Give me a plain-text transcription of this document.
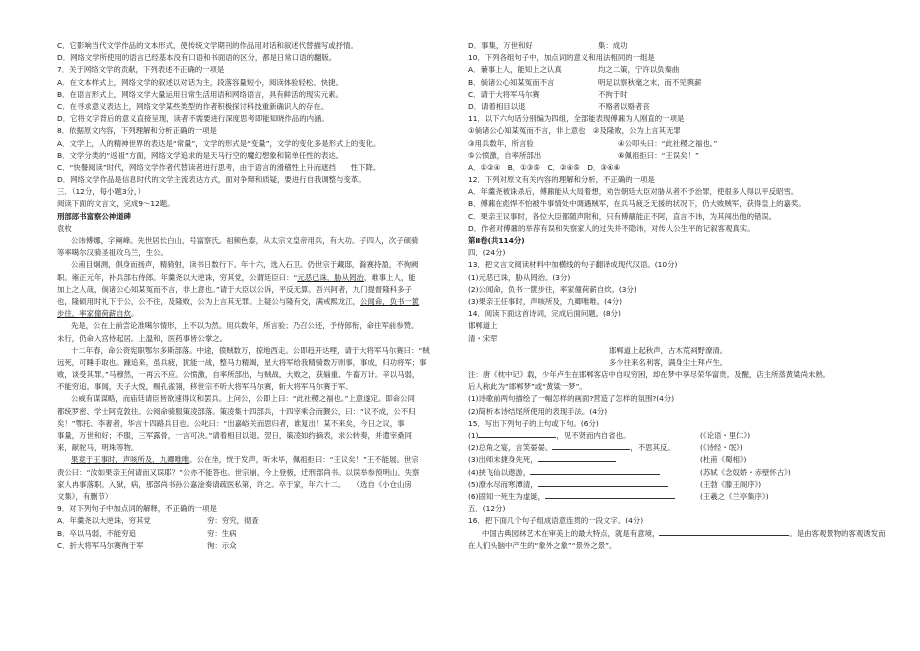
C．它影响当代文学作品的文本形式，使传统文学期刊的作品用对话和叙述代替描写或抒情。
D．网络文学所使用的语言已经基本没有口语和书面语的区分，都是日常口语的翻版。
7．关于网络文学的贡献，下列表述不正确的一项是
A．在文本样式上，网络文学的叙述以对话为主，段落容量短小，阅读体验轻松、快捷。
B．在语言形式上，网络文学大量运用日常生活用语和网络语言，具有鲜活的现实元素。
C．在寻求意义表达上，网络文学某些类型的作者积极探讨科技重新确识人的存在。
D．它将文字背后的意义直接呈现，读者不需要进行深度思考即能知晓作品的内涵。
8．依据原文内容，下列理解和分析正确的一项是
A．文学上，人的精神世界的表达是“常量”，文学的形式是“变量”，文学的变化多是形式上的变化。
B．文学分类的“返祖”方面，网络文学追求的是天马行空的魔幻想象和简单任性的表达。
C．“快餐阅读”时代，网络文学作者代替读者进行思考，由于语言的滑稽性上升而遮挡　　性下降。
D．网络文学作品是信息时代的文学主流表达方式，面对争辩和质疑，要进行自我调整与变革。
三．（12分，每小题3分，）
阅读下面的文言文，完成9～12题。
刑部郎书富察公神道碑
袁枚
公讳傅娜，字阐峰。先世居长白山，号富察氏。祖频色泰，从太宗文皇帝用兵，有大功。子四人，次子硕骑
等率噶尔汉骑圣祖攻乌兰，生公。
公甫目炯测，俱身而扬声，精骑射，读书日数行下。年十六，选入石卫。仍世宗于藏邸，滁赛持盈，不徇阙
职。雍正元年，补兵部右侍郎。年羹尧以大逆诛，穷其党，公谓廷臣曰：“元恶已诛，胁从罔治，难事上人，能
加上之人哉，倘诸公心知某冤而不言，非上意也。”请于大臣以公诉，平反无算。吾兴阿者，九门提督隆科多子
也，隆硕用时礼下于公，公不往，及隆败，公为上言其无罪。上疑公与隆有交，满戒熙龙江，公闻命，负书一篋
步往，率家僮荷薪自炊。
先是，公在上前尝论准噶尔情形，上不以为然。用兵数年，所言验；乃召公还，予侍郎衔，命往军前参赞。
未行，仍命入宫侍起居。上温和，医药事皆公掌之。
十二年春，命公资宪职鄂尔多斯部落。中途，偾贼数万，掠地西走。公即趋开达哩，请于大将军马尔赛曰：“贼
远死，可睡手取也。踵追来，虽兵疲，犹能一战，整马力精竭，星大将军给我精骑数万则事，事成，归功将军；事
败，谈受其罪。”马穆然，一再云不应。公愤激，自率所部出，与贼战，大败之，获辎重、牛畜万计。辛以马弱，
不能穷追。事闻，天子大悦，赐孔雀翎，移世宗不听大将军马尔赛，斩大将军马尔赛于军。
公威有谋谋略，而庙廷请臣皆欲速得议和罢兵。上问公，公即上曰：“此社稷之福也。”上意遂定。即命公同
都统罗密、学士阿克敦往。公阅命骑服策凌部落。策凌集十四部兵，十四宰乘合而觐公，曰：“议不成，公不归
矣！”鄂托、李奢者，华言十四路兵目也。公叱曰：“出嘉峪关而思归者，谁复出！某不来矣，今日之议，事
事量，万世和好；不服，三军露骨，一言可决。”请着相目以退。翌日，策凌如约摘表，求公转奏，并遣宰桑同
来，献驼马，明珠等物。
果竟于王事时，声咳所及，九卿唯唯。公在坐，恍于发声，听未毕，佩祖拒曰：“王议矣！”王不能展。世宗
责公曰：“汝如果亲王何请而又误耶？”公亦不能答也。世宗崩，今上登极，迁刑部尚书。以误举参预明山、失察
家人冉事落职。入狱，病，那部尚书孙公嘉淦奏请疏医私第，许之。卒于家，年六十二。　　（选自《小仓山房
文集》，有删节）
9．对下列句子中加点词的解释，不正确的一项是
A．年羹尧以大逆诛，穷其党	穷：穷究，彻查
B．卒以马弱，不能穷追	穷：生病
C．折大将军马尔赛徇于军	徇：示众
D．事集，万世和好	集：成功
10．下列各组句子中，加点词的意义和用法相同的一组是
A．蒹事上人，能知上之认真	均之二策，宁许以负秦曲
B．倘诸公心知某冤而不言	明足以察秋毫之末，而不见舆薪
C．请于大将军马尔赛	不拘于时
D．请着相目以退	不赂者以赂者丧
11．以下六句话分别编为四组，全部能表现傅鼐为人刚直的一项是
①倘诸公心知某冤而不言，非上意也　②及隆败，公为上言其无罪
③用兵数年，所言验	④公叩头曰：“此社稷之福也。”
⑤公愤激，自率所部出	⑥佩祖拒曰：“王误矣！”
A．①②④　B．①③⑤　C．②④⑤　D．③④⑥
12．下列对原文有关内容的理解和分析，不正确的一项是
A．年羹尧被诛杀后，傅鼐能从大局着想，劝告朝廷大臣对胁从者不予治罪，使很多人得以平反昭雪。
B．傅鼐在彪悍不怕被牛事情处中调遇贼军，在兵马疲乏无援的状况下，仍大败贼军，获得皇上的嘉奖。
C．果亲王议事时，各位大臣都随声附和，只有傅鼐能正不阿，直言不讳，为其闯出他的错误。
D．作者对傅鼐的举荐有误和失察家人的过失并不隐讳，对传人公生平的记叙客观真实。
第Ⅱ卷(共114分)
四．(24分)
13．把文言文阅读材料中加横线的句子翻译成现代汉语。(10分)
(1)元恶已诛，胁从罔治。(3分)
(2)公闻命，负书一篋步往，率家僮荷薪自炊。(3分)
(3)果亲王任事时，声咳所及，九卿唯唯。(4分)
14．阅读下面这首诗词，完成后面问题。(8分)
邯郸道上
清・宋荦
邯郸道上起秋声，古木荒祠野潦清。
多少往来名利客，满身尘土拜卢生。
注：唐《枕中记》载，少年卢生在邯郸客店中自叹穷困，却在梦中享尽荣华富贵。及醒，店主所蒸黄粱尚未熟。
后人称此为“邯郸梦”或“黄粱一梦”。
(1)诗歌前两句描绘了一幅怎样的画面?营造了怎样的氛围?(4分)
(2)简析本诗结尾所使用的表现手法。(4分)
15．写出下列句子的上句或下句。(6分)
(1)	，见不贤而内自省也。	(《论语・里仁》)
(2)总角之宴，言笑晏晏。	，不思其反。	(《诗经・氓》)
(3)出师未捷身先死，	(杜甫《蜀相》)
(4)挟飞仙以遨游，	(苏轼《念奴娇・赤壁怀古》)
(5)潦水尽而寒潭清，	(王勃《滕王阁序》)
(6)固知一死生为虚诞，	(王羲之《兰亭集序》)
五．(12分)
16．把下面几个句子组成语意连贯的一段文字。(4分)
中国古典园林艺术在审美上的最大特点，就是有意境，	。是由客观景物的客观诱发而
在人们头脑中产生的“象外之象”“景外之景”。
